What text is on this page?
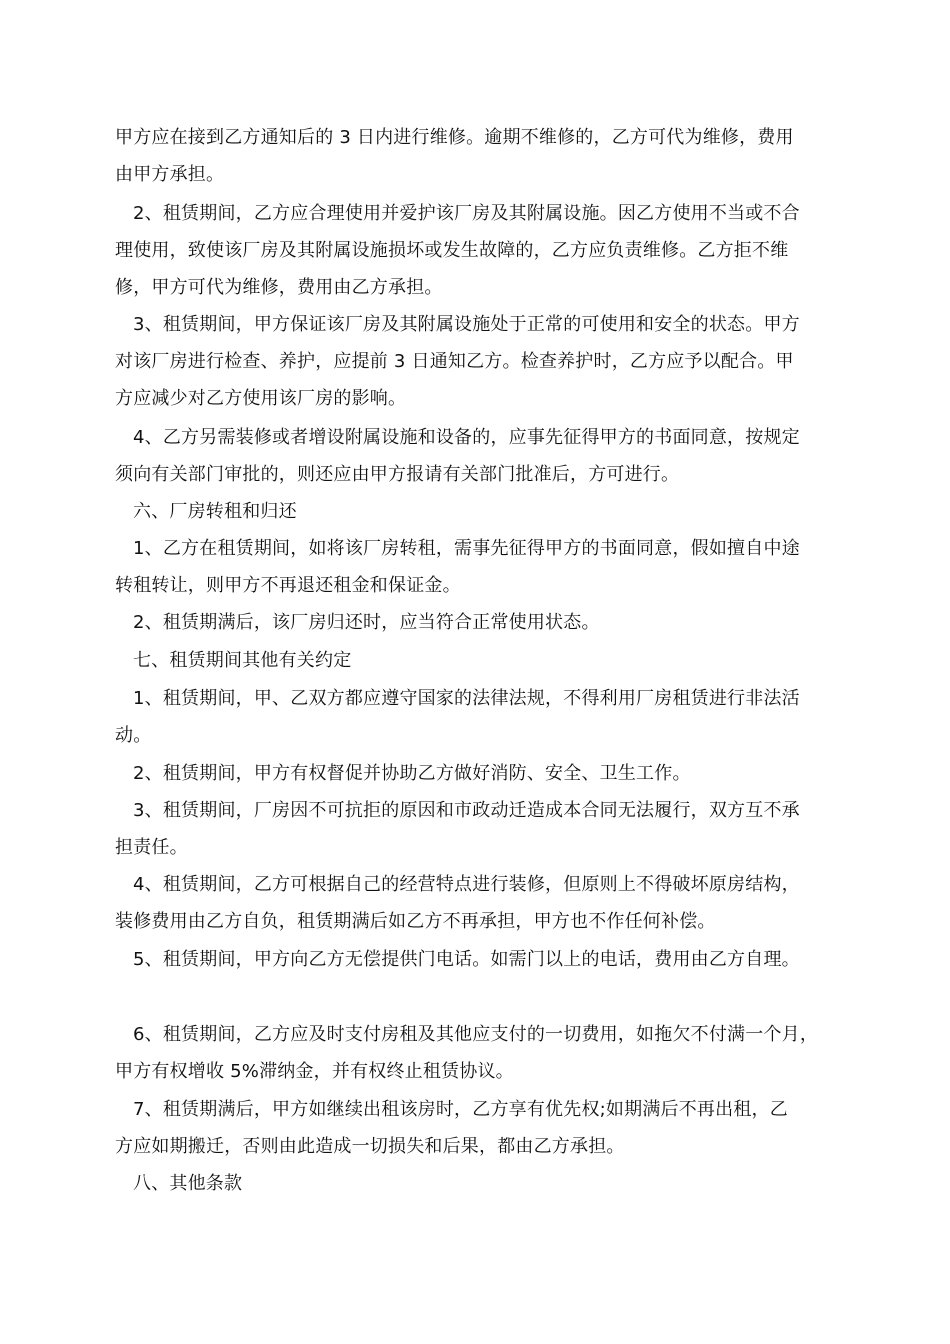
甲方应在接到乙方通知后的 3 日内进行维修。逾期不维修的，乙方可代为维修，费用
由甲方承担。

2、租赁期间，乙方应合理使用并爱护该厂房及其附属设施。因乙方使用不当或不合
理使用，致使该厂房及其附属设施损坏或发生故障的，乙方应负责维修。乙方拒不维
修，甲方可代为维修，费用由乙方承担。

3、租赁期间，甲方保证该厂房及其附属设施处于正常的可使用和安全的状态。甲方
对该厂房进行检查、养护，应提前 3 日通知乙方。检查养护时，乙方应予以配合。甲
方应减少对乙方使用该厂房的影响。

4、乙方另需装修或者增设附属设施和设备的，应事先征得甲方的书面同意，按规定
须向有关部门审批的，则还应由甲方报请有关部门批准后，方可进行。

六、厂房转租和归还

1、乙方在租赁期间，如将该厂房转租，需事先征得甲方的书面同意，假如擅自中途
转租转让，则甲方不再退还租金和保证金。

2、租赁期满后，该厂房归还时，应当符合正常使用状态。

七、租赁期间其他有关约定

1、租赁期间，甲、乙双方都应遵守国家的法律法规，不得利用厂房租赁进行非法活
动。

2、租赁期间，甲方有权督促并协助乙方做好消防、安全、卫生工作。

3、租赁期间，厂房因不可抗拒的原因和市政动迁造成本合同无法履行，双方互不承
担责任。

4、租赁期间，乙方可根据自己的经营特点进行装修，但原则上不得破坏原房结构，
装修费用由乙方自负，租赁期满后如乙方不再承担，甲方也不作任何补偿。

5、租赁期间，甲方向乙方无偿提供门电话。如需门以上的电话，费用由乙方自理。

6、租赁期间，乙方应及时支付房租及其他应支付的一切费用，如拖欠不付满一个月，
甲方有权增收 5%滞纳金，并有权终止租赁协议。

7、租赁期满后，甲方如继续出租该房时，乙方享有优先权;如期满后不再出租，乙
方应如期搬迁，否则由此造成一切损失和后果，都由乙方承担。

八、其他条款
